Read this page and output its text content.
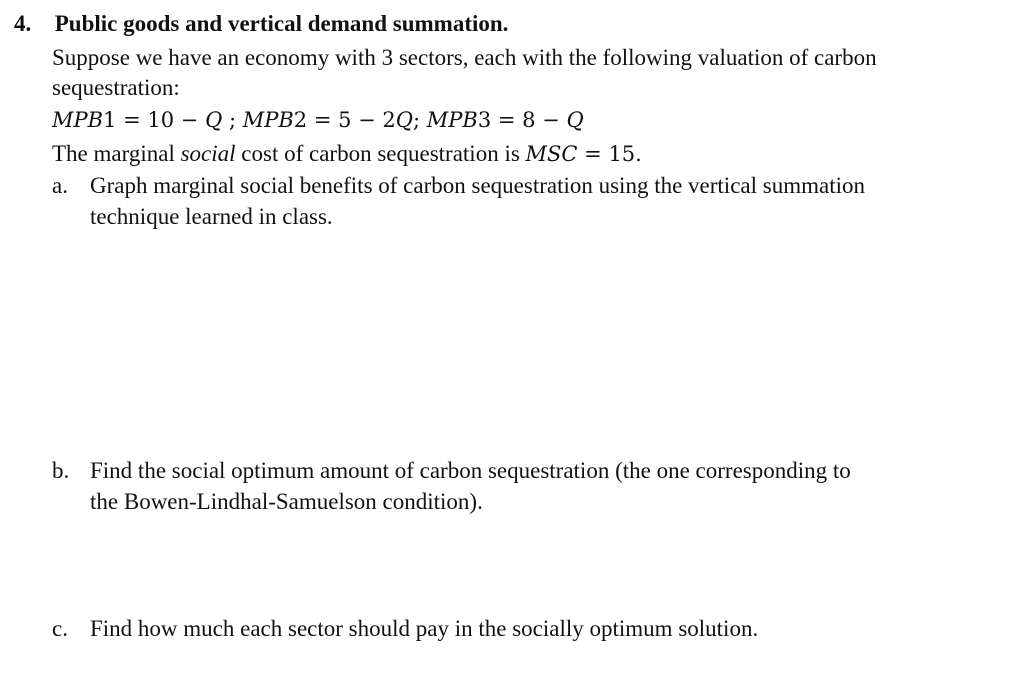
4. Public goods and vertical demand summation.
Suppose we have an economy with 3 sectors, each with the following valuation of carbon
sequestration:
MPB1 = 10 − Q ; MPB2 = 5 − 2Q; MPB3 = 8 − Q
The marginal social cost of carbon sequestration is MSC = 15.
a. Graph marginal social benefits of carbon sequestration using the vertical summation
technique learned in class.
b. Find the social optimum amount of carbon sequestration (the one corresponding to
the Bowen-Lindhal-Samuelson condition).
c. Find how much each sector should pay in the socially optimum solution.
